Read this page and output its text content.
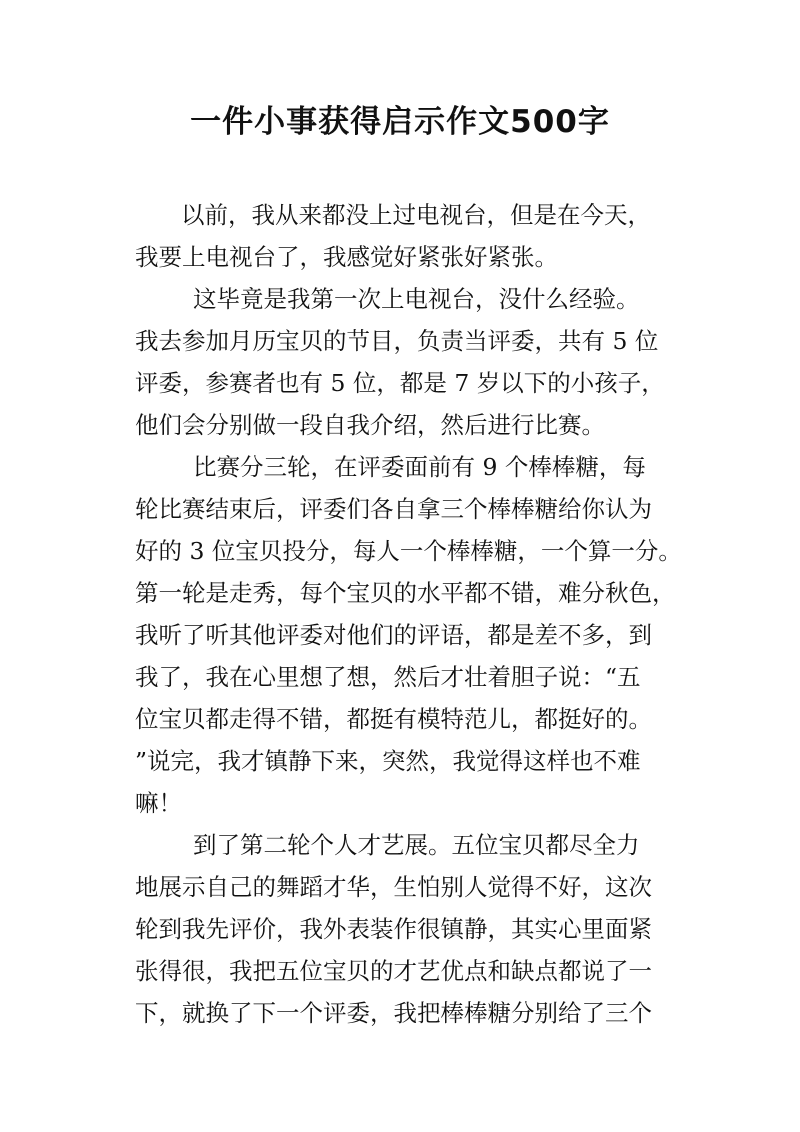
一件小事获得启示作文500字
以前，我从来都没上过电视台，但是在今天，
我要上电视台了，我感觉好紧张好紧张。
这毕竟是我第一次上电视台，没什么经验。
我去参加月历宝贝的节目，负责当评委，共有 5 位
评委，参赛者也有 5 位，都是 7 岁以下的小孩子，
他们会分别做一段自我介绍，然后进行比赛。
比赛分三轮，在评委面前有 9 个棒棒糖，每
轮比赛结束后，评委们各自拿三个棒棒糖给你认为
好的 3 位宝贝投分，每人一个棒棒糖，一个算一分。
第一轮是走秀，每个宝贝的水平都不错，难分秋色，
我听了听其他评委对他们的评语，都是差不多，到
我了，我在心里想了想，然后才壮着胆子说：“五
位宝贝都走得不错，都挺有模特范儿，都挺好的。
”说完，我才镇静下来，突然，我觉得这样也不难
嘛！
到了第二轮个人才艺展。五位宝贝都尽全力
地展示自己的舞蹈才华，生怕别人觉得不好，这次
轮到我先评价，我外表装作很镇静，其实心里面紧
张得很，我把五位宝贝的才艺优点和缺点都说了一
下，就换了下一个评委，我把棒棒糖分别给了三个
